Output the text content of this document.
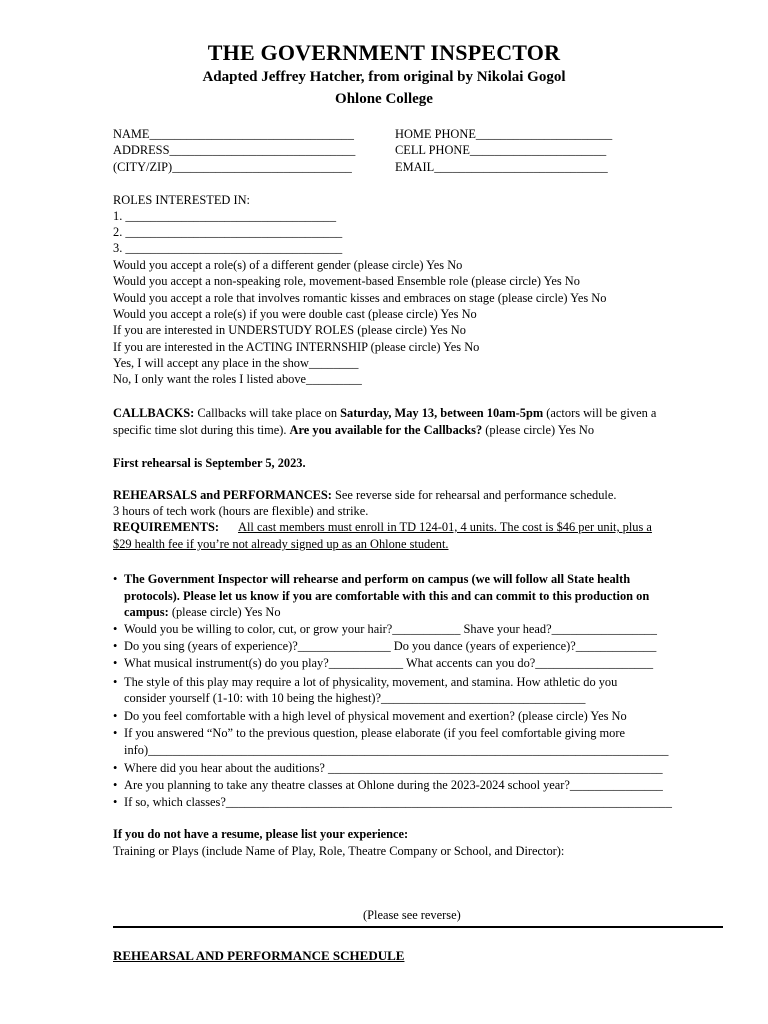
THE GOVERNMENT INSPECTOR
Adapted Jeffrey Hatcher, from original by Nikolai Gogol
Ohlone College
NAME_________________________________	HOME PHONE______________________
ADDRESS______________________________	CELL PHONE______________________
(CITY/ZIP)_____________________________	EMAIL____________________________
ROLES INTERESTED IN:
1. __________________________________
2. ___________________________________
3. ___________________________________
Would you accept a role(s) of a different gender (please circle) Yes No
Would you accept a non-speaking role, movement-based Ensemble role (please circle) Yes No
Would you accept a role that involves romantic kisses and embraces on stage (please circle) Yes No
Would you accept a role(s) if you were double cast (please circle) Yes No
If you are interested in UNDERSTUDY ROLES (please circle) Yes No
If you are interested in the ACTING INTERNSHIP (please circle) Yes No
Yes, I will accept any place in the show________
No, I only want the roles I listed above_________
CALLBACKS: Callbacks will take place on Saturday, May 13, between 10am-5pm (actors will be given a
specific time slot during this time). Are you available for the Callbacks? (please circle) Yes No
First rehearsal is September 5, 2023.
REHEARSALS and PERFORMANCES: See reverse side for rehearsal and performance schedule.
3 hours of tech work (hours are flexible) and strike.
REQUIREMENTS: All cast members must enroll in TD 124-01, 4 units. The cost is $46 per unit, plus a
$29 health fee if you’re not already signed up as an Ohlone student.
• The Government Inspector will rehearse and perform on campus (we will follow all State health
protocols). Please let us know if you are comfortable with this and can commit to this production on
campus: (please circle) Yes No
• Would you be willing to color, cut, or grow your hair?___________ Shave your head?_________________
• Do you sing (years of experience)?_______________ Do you dance (years of experience)?_____________
• What musical instrument(s) do you play?____________ What accents can you do?___________________
• The style of this play may require a lot of physicality, movement, and stamina. How athletic do you
consider yourself (1-10: with 10 being the highest)?_________________________________
• Do you feel comfortable with a high level of physical movement and exertion? (please circle) Yes No
• If you answered “No” to the previous question, please elaborate (if you feel comfortable giving more
info)____________________________________________________________________________________
• Where did you hear about the auditions? ______________________________________________________
• Are you planning to take any theatre classes at Ohlone during the 2023-2024 school year?_______________
• If so, which classes?________________________________________________________________________
If you do not have a resume, please list your experience:
Training or Plays (include Name of Play, Role, Theatre Company or School, and Director):
(Please see reverse)
REHEARSAL AND PERFORMANCE SCHEDULE
